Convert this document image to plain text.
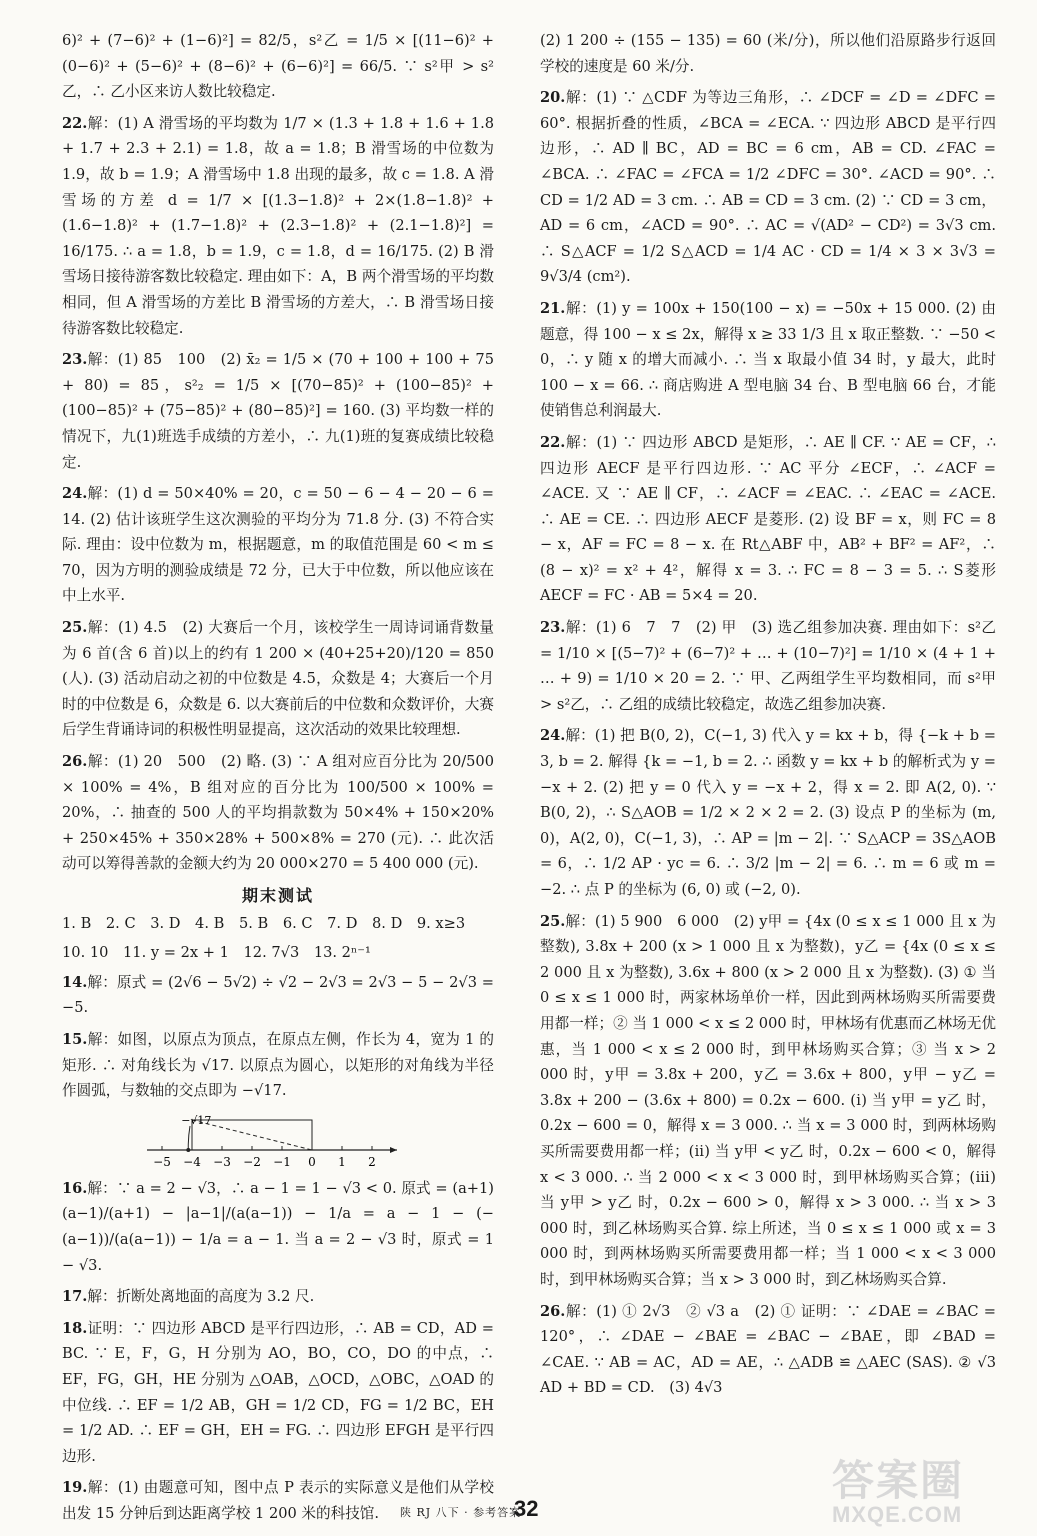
6)² + (7−6)² + (1−6)²] = 82/5，s²乙 = 1/5 × [(11−6)² + (0−6)² + (5−6)² + (8−6)² + (6−6)²] = 66/5. ∵ s²甲 > s²乙，∴ 乙小区来访人数比较稳定.

22.解：(1) A 滑雪场的平均数为 1/7 × (1.3 + 1.8 + 1.6 + 1.8 + 1.7 + 2.3 + 2.1) = 1.8，故 a = 1.8；B 滑雪场的中位数为 1.9，故 b = 1.9；A 滑雪场中 1.8 出现的最多，故 c = 1.8. A 滑雪场的方差 d = 1/7 × [(1.3−1.8)² + 2×(1.8−1.8)² + (1.6−1.8)² + (1.7−1.8)² + (2.3−1.8)² + (2.1−1.8)²] = 16/175. ∴ a = 1.8，b = 1.9，c = 1.8，d = 16/175. (2) B 滑雪场日接待游客数比较稳定. 理由如下：A，B 两个滑雪场的平均数相同，但 A 滑雪场的方差比 B 滑雪场的方差大，∴ B 滑雪场日接待游客数比较稳定.

23.解：(1) 85　100　(2) x̄₂ = 1/5 × (70 + 100 + 100 + 75 + 80) = 85，s²₂ = 1/5 × [(70−85)² + (100−85)² + (100−85)² + (75−85)² + (80−85)²] = 160. (3) 平均数一样的情况下，九(1)班选手成绩的方差小，∴ 九(1)班的复赛成绩比较稳定.

24.解：(1) d = 50×40% = 20，c = 50 − 6 − 4 − 20 − 6 = 14. (2) 估计该班学生这次测验的平均分为 71.8 分. (3) 不符合实际. 理由：设中位数为 m，根据题意，m 的取值范围是 60 < m ≤ 70，因为方明的测验成绩是 72 分，已大于中位数，所以他应该在中上水平.

25.解：(1) 4.5　(2) 大赛后一个月，该校学生一周诗词诵背数量为 6 首(含 6 首)以上的约有 1 200 × (40+25+20)/120 = 850 (人). (3) 活动启动之初的中位数是 4.5，众数是 4；大赛后一个月时的中位数是 6，众数是 6. 以大赛前后的中位数和众数评价，大赛后学生背诵诗词的积极性明显提高，这次活动的效果比较理想.

26.解：(1) 20　500　(2) 略. (3) ∵ A 组对应百分比为 20/500 × 100% = 4%，B 组对应的百分比为 100/500 × 100% = 20%，∴ 抽查的 500 人的平均捐款数为 50×4% + 150×20% + 250×45% + 350×28% + 500×8% = 270 (元). ∴ 此次活动可以筹得善款的金额大约为 20 000×270 = 5 400 000 (元).

期末测试
1. B　2. C　3. D　4. B　5. B　6. C　7. D　8. D　9. x≥3
10. 10　11. y = 2x + 1　12. 7√3　13. 2ⁿ⁻¹

14.解：原式 = (2√6 − 5√2) ÷ √2 − 2√3 = 2√3 − 5 − 2√3 = −5.

15.解：如图，以原点为顶点，在原点左侧，作长为 4，宽为 1 的矩形. ∴ 对角线长为 √17. 以原点为圆心，以矩形的对角线为半径作圆弧，与数轴的交点即为 −√17.

−5 −4 −3 −2 −1 0 1 2
−√17

16.解：∵ a = 2 − √3，∴ a − 1 = 1 − √3 < 0. 原式 = (a+1)(a−1)/(a+1) − |a−1|/(a(a−1)) − 1/a = a − 1 − (−(a−1))/(a(a−1)) − 1/a = a − 1. 当 a = 2 − √3 时，原式 = 1 − √3.

17.解：折断处离地面的高度为 3.2 尺.

18.证明：∵ 四边形 ABCD 是平行四边形，∴ AB = CD，AD = BC. ∵ E，F，G，H 分别为 AO，BO，CO，DO 的中点，∴ EF，FG，GH，HE 分别为 △OAB，△OCD，△OBC，△OAD 的中位线. ∴ EF = 1/2 AB，GH = 1/2 CD，FG = 1/2 BC，EH = 1/2 AD. ∴ EF = GH，EH = FG. ∴ 四边形 EFGH 是平行四边形.

19.解：(1) 由题意可知，图中点 P 表示的实际意义是他们从学校出发 15 分钟后到达距离学校 1 200 米的科技馆.

(2) 1 200 ÷ (155 − 135) = 60 (米/分)，所以他们沿原路步行返回学校的速度是 60 米/分.

20.解：(1) ∵ △CDF 为等边三角形，∴ ∠DCF = ∠D = ∠DFC = 60°. 根据折叠的性质，∠BCA = ∠ECA. ∵ 四边形 ABCD 是平行四边形，∴ AD ∥ BC，AD = BC = 6 cm，AB = CD. ∠FAC = ∠BCA. ∴ ∠FAC = ∠FCA = 1/2 ∠DFC = 30°. ∠ACD = 90°. ∴ CD = 1/2 AD = 3 cm. ∴ AB = CD = 3 cm. (2) ∵ CD = 3 cm，AD = 6 cm，∠ACD = 90°. ∴ AC = √(AD² − CD²) = 3√3 cm. ∴ S△ACF = 1/2 S△ACD = 1/4 AC · CD = 1/4 × 3 × 3√3 = 9√3/4 (cm²).

21.解：(1) y = 100x + 150(100 − x) = −50x + 15 000. (2) 由题意，得 100 − x ≤ 2x，解得 x ≥ 33 1/3 且 x 取正整数. ∵ −50 < 0，∴ y 随 x 的增大而减小. ∴ 当 x 取最小值 34 时，y 最大，此时 100 − x = 66. ∴ 商店购进 A 型电脑 34 台、B 型电脑 66 台，才能使销售总利润最大.

22.解：(1) ∵ 四边形 ABCD 是矩形，∴ AE ∥ CF. ∵ AE = CF，∴ 四边形 AECF 是平行四边形. ∵ AC 平分 ∠ECF，∴ ∠ACF = ∠ACE. 又 ∵ AE ∥ CF，∴ ∠ACF = ∠EAC. ∴ ∠EAC = ∠ACE. ∴ AE = CE. ∴ 四边形 AECF 是菱形. (2) 设 BF = x，则 FC = 8 − x，AF = FC = 8 − x. 在 Rt△ABF 中，AB² + BF² = AF²，∴ (8 − x)² = x² + 4²，解得 x = 3. ∴ FC = 8 − 3 = 5. ∴ S菱形AECF = FC · AB = 5×4 = 20.

23.解：(1) 6　7　7　(2) 甲　(3) 选乙组参加决赛. 理由如下：s²乙 = 1/10 × [(5−7)² + (6−7)² + … + (10−7)²] = 1/10 × (4 + 1 + … + 9) = 1/10 × 20 = 2. ∵ 甲、乙两组学生平均数相同，而 s²甲 > s²乙，∴ 乙组的成绩比较稳定，故选乙组参加决赛.

24.解：(1) 把 B(0, 2)，C(−1, 3) 代入 y = kx + b，得 {−k + b = 3, b = 2. 解得 {k = −1, b = 2. ∴ 函数 y = kx + b 的解析式为 y = −x + 2. (2) 把 y = 0 代入 y = −x + 2，得 x = 2. 即 A(2, 0). ∵ B(0, 2)，∴ S△AOB = 1/2 × 2 × 2 = 2. (3) 设点 P 的坐标为 (m, 0)，A(2, 0)，C(−1, 3)，∴ AP = |m − 2|. ∵ S△ACP = 3S△AOB = 6，∴ 1/2 AP · yc = 6. ∴ 3/2 |m − 2| = 6. ∴ m = 6 或 m = −2. ∴ 点 P 的坐标为 (6, 0) 或 (−2, 0).

25.解：(1) 5 900　6 000　(2) y甲 = {4x (0 ≤ x ≤ 1 000 且 x 为整数), 3.8x + 200 (x > 1 000 且 x 为整数)，y乙 = {4x (0 ≤ x ≤ 2 000 且 x 为整数), 3.6x + 800 (x > 2 000 且 x 为整数). (3) ① 当 0 ≤ x ≤ 1 000 时，两家林场单价一样，因此到两林场购买所需要费用都一样；② 当 1 000 < x ≤ 2 000 时，甲林场有优惠而乙林场无优惠，当 1 000 < x ≤ 2 000 时，到甲林场购买合算；③ 当 x > 2 000 时，y甲 = 3.8x + 200，y乙 = 3.6x + 800，y甲 − y乙 = 3.8x + 200 − (3.6x + 800) = 0.2x − 600. (ⅰ) 当 y甲 = y乙 时，0.2x − 600 = 0，解得 x = 3 000. ∴ 当 x = 3 000 时，到两林场购买所需要费用都一样；(ⅱ) 当 y甲 < y乙 时，0.2x − 600 < 0，解得 x < 3 000. ∴ 当 2 000 < x < 3 000 时，到甲林场购买合算；(ⅲ) 当 y甲 > y乙 时，0.2x − 600 > 0，解得 x > 3 000. ∴ 当 x > 3 000 时，到乙林场购买合算. 综上所述，当 0 ≤ x ≤ 1 000 或 x = 3 000 时，到两林场购买所需要费用都一样；当 1 000 < x < 3 000 时，到甲林场购买合算；当 x > 3 000 时，到乙林场购买合算.

26.解：(1) ① 2√3　② √3 a　(2) ① 证明：∵ ∠DAE = ∠BAC = 120°，∴ ∠DAE − ∠BAE = ∠BAC − ∠BAE，即 ∠BAD = ∠CAE. ∵ AB = AC，AD = AE，∴ △ADB ≌ △AEC (SAS). ② √3 AD + BD = CD.　(3) 4√3

陕 RJ 八下 · 参考答案
32
答案圈
MXQE.COM
